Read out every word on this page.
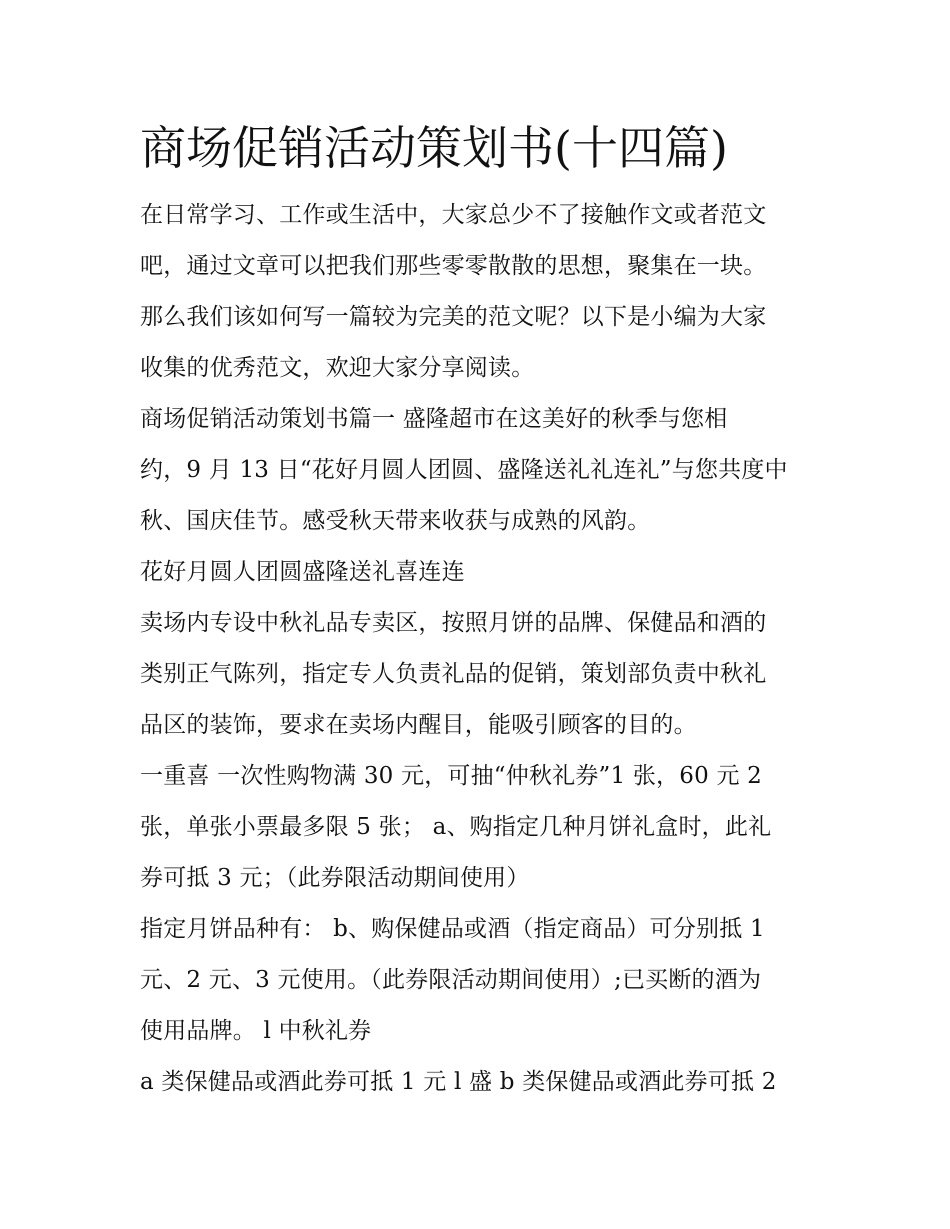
商场促销活动策划书(十四篇)
在日常学习、工作或生活中，大家总少不了接触作文或者范文
吧，通过文章可以把我们那些零零散散的思想，聚集在一块。
那么我们该如何写一篇较为完美的范文呢？以下是小编为大家
收集的优秀范文，欢迎大家分享阅读。
商场促销活动策划书篇一 盛隆超市在这美好的秋季与您相
约，9 月 13 日“花好月圆人团圆、盛隆送礼礼连礼”与您共度中
秋、国庆佳节。感受秋天带来收获与成熟的风韵。
花好月圆人团圆盛隆送礼喜连连
卖场内专设中秋礼品专卖区，按照月饼的品牌、保健品和酒的
类别正气陈列，指定专人负责礼品的促销，策划部负责中秋礼
品区的装饰，要求在卖场内醒目，能吸引顾客的目的。
一重喜 一次性购物满 30 元，可抽“仲秋礼券”1 张，60 元 2
张，单张小票最多限 5 张； a、购指定几种月饼礼盒时，此礼
券可抵 3 元；（此券限活动期间使用）
指定月饼品种有： b、购保健品或酒（指定商品）可分别抵 1
元、2 元、3 元使用。（此券限活动期间使用）;已买断的酒为
使用品牌。 l 中秋礼券
a 类保健品或酒此券可抵 1 元 l 盛 b 类保健品或酒此券可抵 2
